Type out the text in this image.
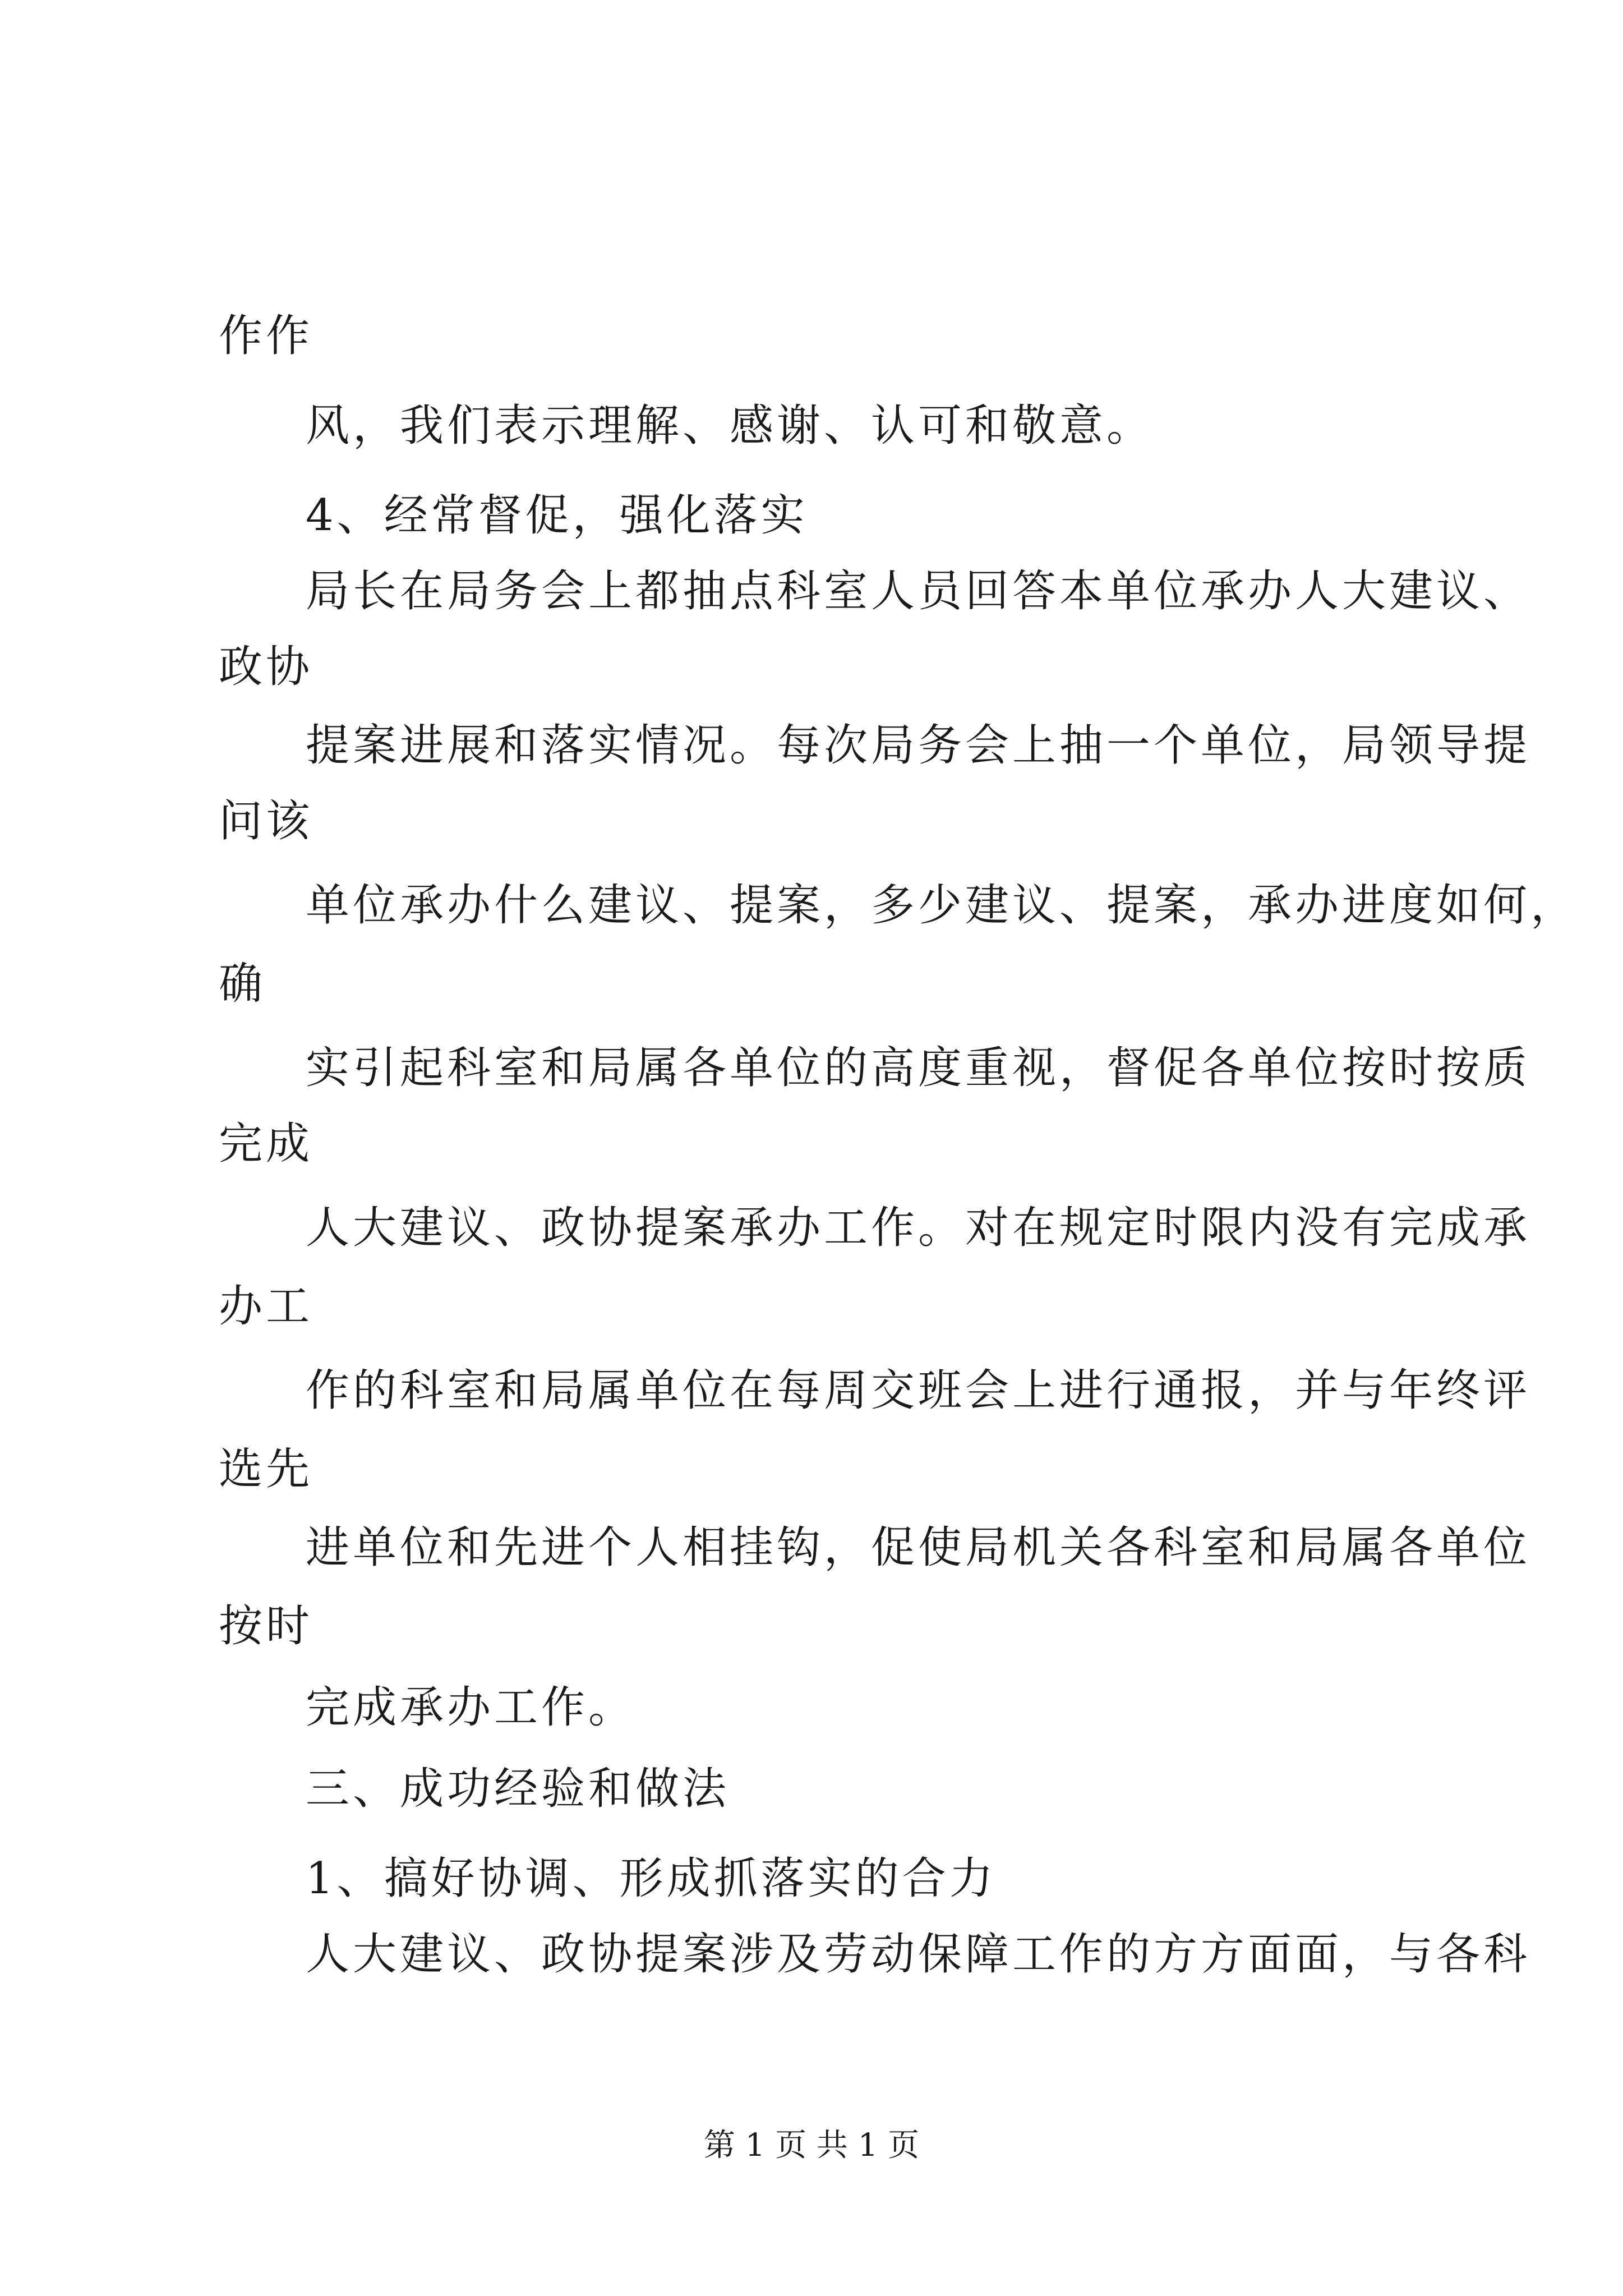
作作

风，我们表示理解、感谢、认可和敬意。

4、经常督促，强化落实

局长在局务会上都抽点科室人员回答本单位承办人大建议、

政协

提案进展和落实情况。每次局务会上抽一个单位，局领导提

问该

单位承办什么建议、提案，多少建议、提案，承办进度如何，

确

实引起科室和局属各单位的高度重视，督促各单位按时按质

完成

人大建议、政协提案承办工作。对在规定时限内没有完成承

办工

作的科室和局属单位在每周交班会上进行通报，并与年终评

选先

进单位和先进个人相挂钩，促使局机关各科室和局属各单位

按时

完成承办工作。

三、成功经验和做法

1、搞好协调、形成抓落实的合力

人大建议、政协提案涉及劳动保障工作的方方面面，与各科

第 1 页 共 1 页
